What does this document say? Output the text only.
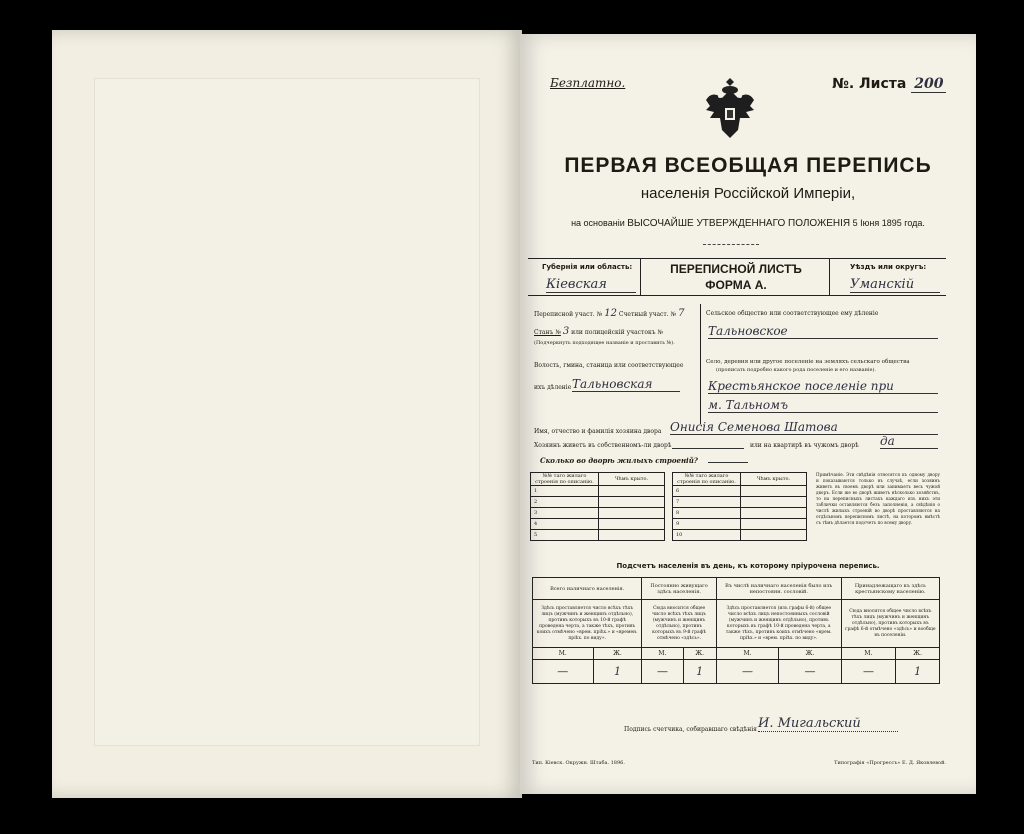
Безплатно.	№. Листа 200
ПЕРВАЯ ВСЕОБЩАЯ ПЕРЕПИСЬ
населенія Россійской Имперіи,
на основаніи ВЫСОЧАЙШЕ УТВЕРЖДЕННАГО ПОЛОЖЕНІЯ 5 Іюня 1895 года.
Губернія или область:
Кіевская
ПЕРЕПИСНОЙ ЛИСТЪ
ФОРМА А.
Уѣздъ или округъ:
Уманскій
Переписной участ. № 12 Счетный участ. № 7
Станъ № 3 или полицейскій участокъ №
(Подчеркнуть подходящее названіе и проставить №).
Волость, гмина, станица или соответствующее
ихъ дѣленіе Тальновская
Сельское общество или соответствующее ему дѣленіе
Тальновское
Село, деревня или другое поселеніе на земляхъ сельскаго общества
(прописать подробно какого рода поселеніе и его названіе).
Крестьянское поселеніе при
м. Тальномъ
Имя, отчество и фамилія хозяина двора Онисія Семенова Шатова
Хозяинъ живетъ въ собственномъ-ли дворѣ	или на квартирѣ въ чужомъ дворѣ да
Сколько во дворѣ жилыхъ строеній?
№№ таго жилаго строенія по описанію.	Чѣмъ крыто.
1	
2	
3	
4	
5	
№№ таго жилаго строенія по описанію.	Чѣмъ крыто.
6	
7	
8	
9	
10	
Примѣчаніе. Эти свѣдѣнія относятся къ одному двору и показываются только въ случаѣ, если хозяинъ живетъ въ своемъ дворѣ или занимаетъ весь чужой дворъ. Если же во дворѣ живетъ нѣсколько хозяйствъ, то на переписныхъ листахъ каждаго изъ нихъ эти таблички оставляются безъ заполненія, а свѣдѣнія о числѣ жилыхъ строеній во дворѣ проставляются на отдѣльномъ переписномъ листѣ, на которомъ вмѣстѣ съ тѣмъ дѣлается подсчетъ по всему двору.
Подсчетъ населенія въ день, къ которому пріурочена перепись.
Всего наличнаго населенія.		Постоянно живущаго здѣсь населенія.		Въ числѣ наличнаго населенія было изъ непостоянн. сословій.		Принадлежащаго къ здѣсь крестьянскому населенію.	
Здѣсь проставляется число всѣхъ тѣхъ лицъ (мужчинъ и женщинъ отдѣльно), противъ которыхъ въ 10-й графѣ проведена черта, а также тѣхъ, противъ коихъ отмѣчено «врем. пріѣх.» и «времен. пріѣх. по виду».		Сюда вносится общее число всѣхъ тѣхъ лицъ (мужчинъ и женщинъ отдѣльно), противъ которыхъ въ 9-й графѣ отмѣчено «здѣсь».		Здѣсь проставляется (изъ графы 6-й) общее число всѣхъ лицъ непостоянныхъ сословій (мужчинъ и женщинъ отдѣльно), противъ которыхъ въ графѣ 10-й проведена черта, а также тѣхъ, противъ коихъ отмѣчено «врем. пріѣх.» и «врем. пріѣх. по виду».		Сюда вносится общее число всѣхъ тѣхъ лицъ (мужчинъ и женщинъ отдѣльно), противъ которыхъ въ графѣ 6-й отмѣчено «здѣсь» и вообще въ поселеніи.	
М.	Ж.	М.	Ж.	М.	Ж.	М.	Ж.
—	1	—	1	—	—	—	1
Подпись счетчика, собиравшаго свѣдѣнія И. Мигальский
Тип. Кіевск. Окружн. Штаба. 1896.	Типографія «Прогрессъ» Е. Д. Яковлевой.
